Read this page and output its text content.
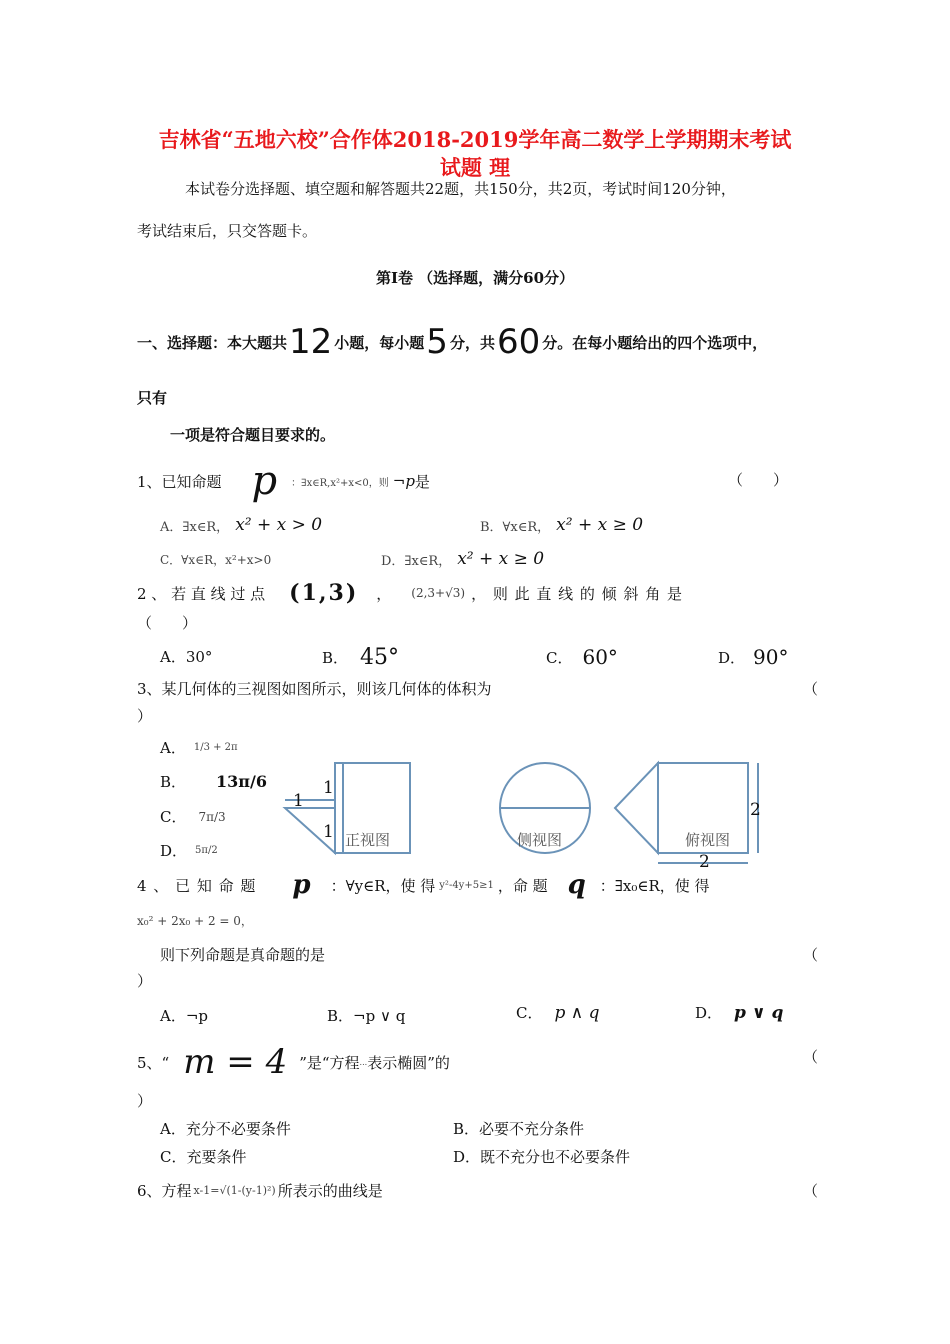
吉林省“五地六校”合作体2018-2019学年高二数学上学期期末考试
试题 理
本试卷分选择题、填空题和解答题共22题，共150分，共2页，考试时间120分钟，
考试结束后，只交答题卡。
第Ⅰ卷 （选择题，满分60分）
一、选择题：本大题共 12 小题，每小题 5 分，共 60 分。在每小题给出的四个选项中，
只有
一项是符合题目要求的。
1、已知命题 p ：∃x∈R,x²+x<0，则 ¬p 是	（　　）
A．∃x∈R， x² + x > 0	B．∀x∈R， x² + x ≥ 0
C．∀x∈R，x²+x>0	D．∃x∈R， x² + x ≥ 0
2 、 若 直 线 过 点 (1,3) ， (2,3+√3) ， 则 此 直 线 的 倾 斜 角 是
（　　）
A．30°	B． 45°	C． 60°	D． 90°
3、某几何体的三视图如图所示，则该几何体的体积为	（
）
A． 1/3 + 2π
B． 13π/6
C． 7π/3
D． 5π/2
1
1
1
2
2
正视图	侧视图	俯视图
4 、 已 知 命 题 p ：∀y∈R，使 得 y²-4y+5≥1 ，命 题 q ：∃x₀∈R，使 得
x₀² + 2x₀ + 2 = 0，
则下列命题是真命题的是	（
）
A．¬p	B．¬p ∨ q	C． p ∧ q	D． p ∨ q
5、“ m = 4 ”是“方程 ... 表示椭圆”的	（
）
A．充分不必要条件	B．必要不充分条件
C．充要条件	D．既不充分也不必要条件
6、方程 x-1=√(1-(y-1)²) 所表示的曲线是	（
